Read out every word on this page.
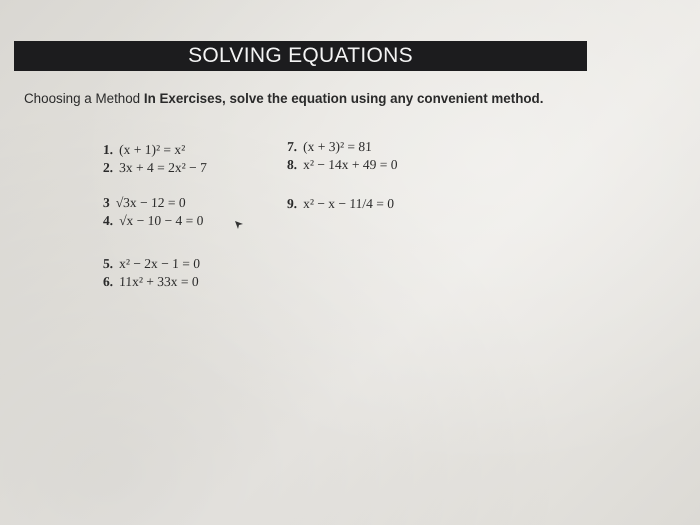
SOLVING EQUATIONS
Choosing a Method In Exercises, solve the equation using any convenient method.
1. (x + 1)² = x²
2. 3x + 4 = 2x² − 7
3 √3x − 12 = 0
4. √x − 10 − 4 = 0
5. x² − 2x − 1 = 0
6. 11x² + 33x = 0
7. (x + 3)² = 81
8. x² − 14x + 49 = 0
9. x² − x − 11/4 = 0
